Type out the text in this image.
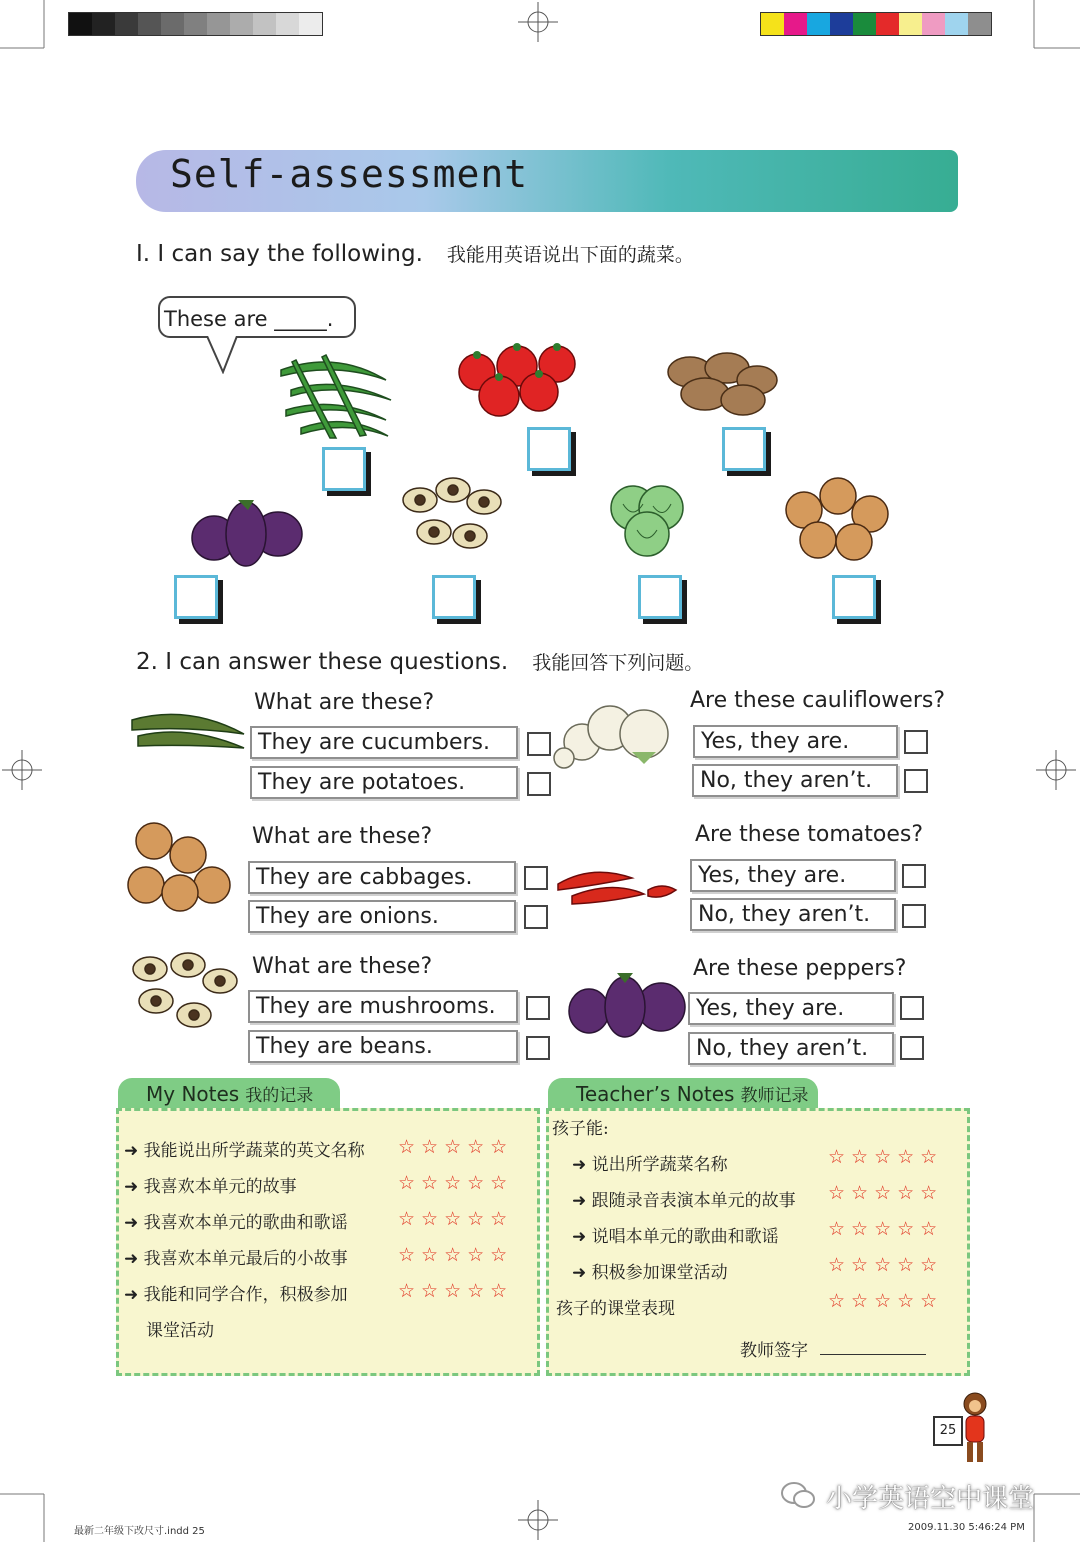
Self-assessment
I. I can say the following. 我能用英语说出下面的蔬菜。
These are _____.
2. I can answer these questions. 我能回答下列问题。
What are these?
They are cucumbers.
They are potatoes.
What are these?
They are cabbages.
They are onions.
What are these?
They are mushrooms.
They are beans.
Are these cauliflowers?
Yes, they are.
No, they aren’t.
Are these tomatoes?
Yes, they are.
No, they aren’t.
Are these peppers?
Yes, they are.
No, they aren’t.
My Notes 我的记录
➜ 我能说出所学蔬菜的英文名称 ☆☆☆☆☆
➜ 我喜欢本单元的故事	☆☆☆☆☆
➜ 我喜欢本单元的歌曲和歌谣	☆☆☆☆☆
➜ 我喜欢本单元最后的小故事	☆☆☆☆☆
➜ 我能和同学合作，积极参加	☆☆☆☆☆
课堂活动
Teacher’s Notes 教师记录
孩子能:
➜ 说出所学蔬菜名称	☆☆☆☆☆
➜ 跟随录音表演本单元的故事 ☆☆☆☆☆
➜ 说唱本单元的歌曲和歌谣	☆☆☆☆☆
➜ 积极参加课堂活动	☆☆☆☆☆
孩子的课堂表现	☆☆☆☆☆
教师签字
25
小学英语空中课堂
最新二年级下改尺寸.indd 25	2009.11.30 5:46:24 PM
